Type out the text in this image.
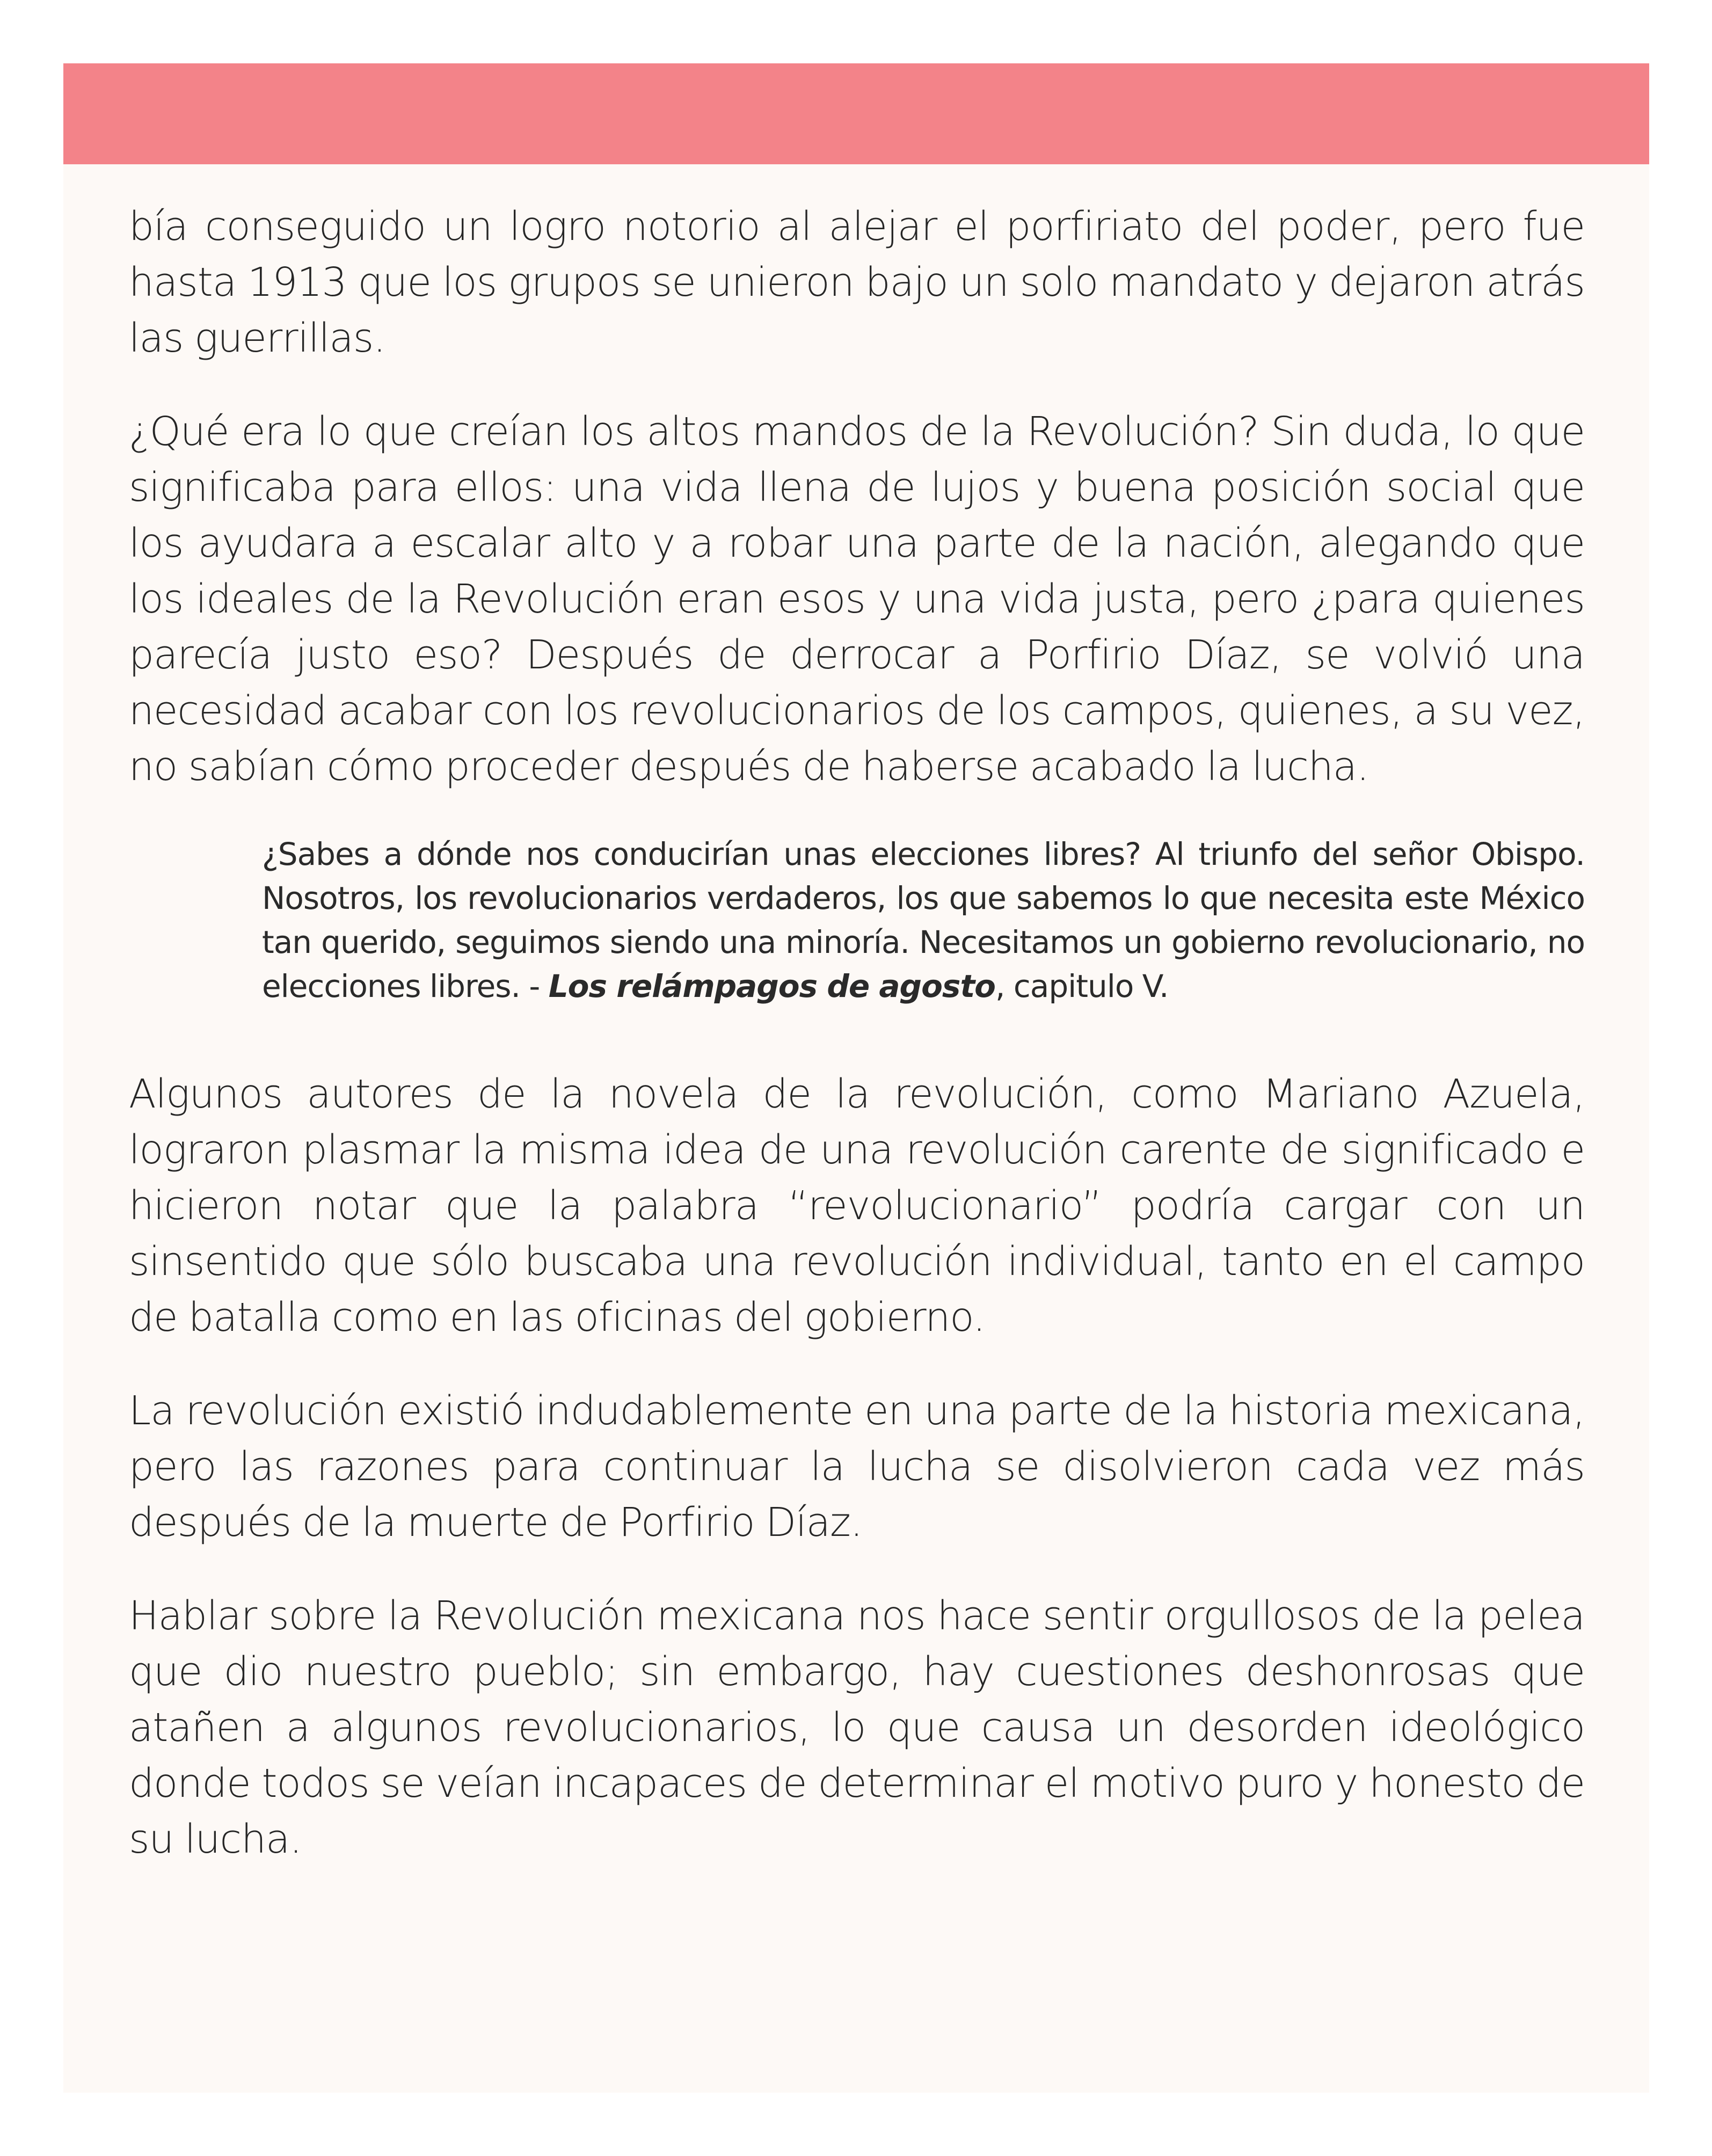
bía conseguido un logro notorio al alejar el porfiriato del poder, pero fue hasta 1913 que los grupos se unieron bajo un solo mandato y dejaron atrás las guerrillas.

¿Qué era lo que creían los altos mandos de la Revolución? Sin duda, lo que significaba para ellos: una vida llena de lujos y buena posición social que los ayudara a escalar alto y a robar una parte de la nación, alegando que los ideales de la Revolución eran esos y una vida justa, pero ¿para quienes parecía justo eso? Después de derrocar a Porfirio Díaz, se volvió una necesidad acabar con los revolucionarios de los campos, quienes, a su vez, no sabían cómo proceder después de haberse acabado la lucha.

¿Sabes a dónde nos conducirían unas elecciones libres? Al triunfo del señor Obispo. Nosotros, los revolucionarios verdaderos, los que sabemos lo que necesita este México tan querido, seguimos siendo una minoría. Necesitamos un gobierno revolucionario, no elecciones libres. - Los relámpagos de agosto, capitulo V.

Algunos autores de la novela de la revolución, como Mariano Azuela, lograron plasmar la misma idea de una revolución carente de significado e hicieron notar que la palabra “revolucionario” podría cargar con un sinsentido que sólo buscaba una revolución individual, tanto en el campo de batalla como en las oficinas del gobierno.

La revolución existió indudablemente en una parte de la historia mexicana, pero las razones para continuar la lucha se disolvieron cada vez más después de la muerte de Porfirio Díaz.

Hablar sobre la Revolución mexicana nos hace sentir orgullosos de la pelea que dio nuestro pueblo; sin embargo, hay cuestiones deshonrosas que atañen a algunos revolucionarios, lo que causa un desorden ideológico donde todos se veían incapaces de determinar el motivo puro y honesto de su lucha.
